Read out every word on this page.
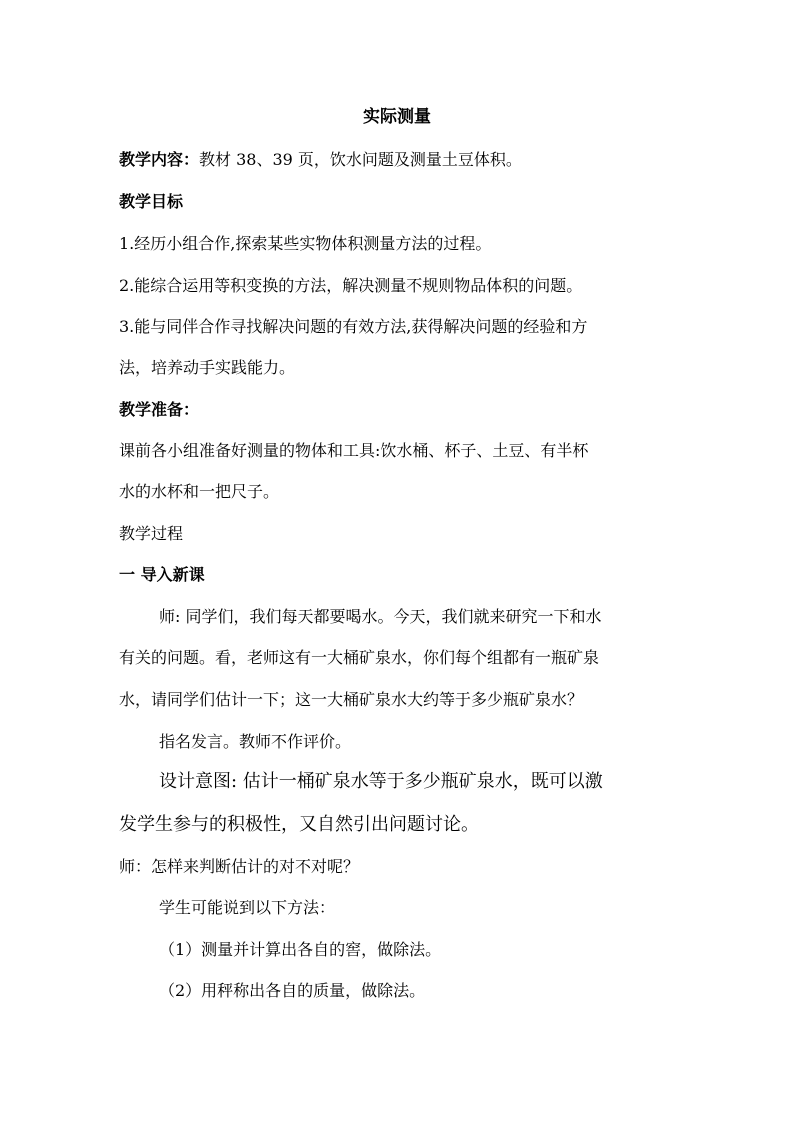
实际测量
教学内容：教材 38、39 页，饮水问题及测量土豆体积。
教学目标
1.经历小组合作,探索某些实物体积测量方法的过程。
2.能综合运用等积变换的方法，解决测量不规则物品体积的问题。
3.能与同伴合作寻找解决问题的有效方法,获得解决问题的经验和方
法，培养动手实践能力。
教学准备：
课前各小组准备好测量的物体和工具:饮水桶、杯子、土豆、有半杯
水的水杯和一把尺子。
教学过程
一 导入新课
师: 同学们，我们每天都要喝水。今天，我们就来研究一下和水
有关的问题。看，老师这有一大桶矿泉水，你们每个组都有一瓶矿泉
水，请同学们估计一下；这一大桶矿泉水大约等于多少瓶矿泉水？
指名发言。教师不作评价。
设计意图: 估计一桶矿泉水等于多少瓶矿泉水，既可以激
发学生参与的积极性，又自然引出问题讨论。
师：怎样来判断估计的对不对呢？
学生可能说到以下方法：
（1）测量并计算出各自的窖，做除法。
（2）用秤称出各自的质量，做除法。
